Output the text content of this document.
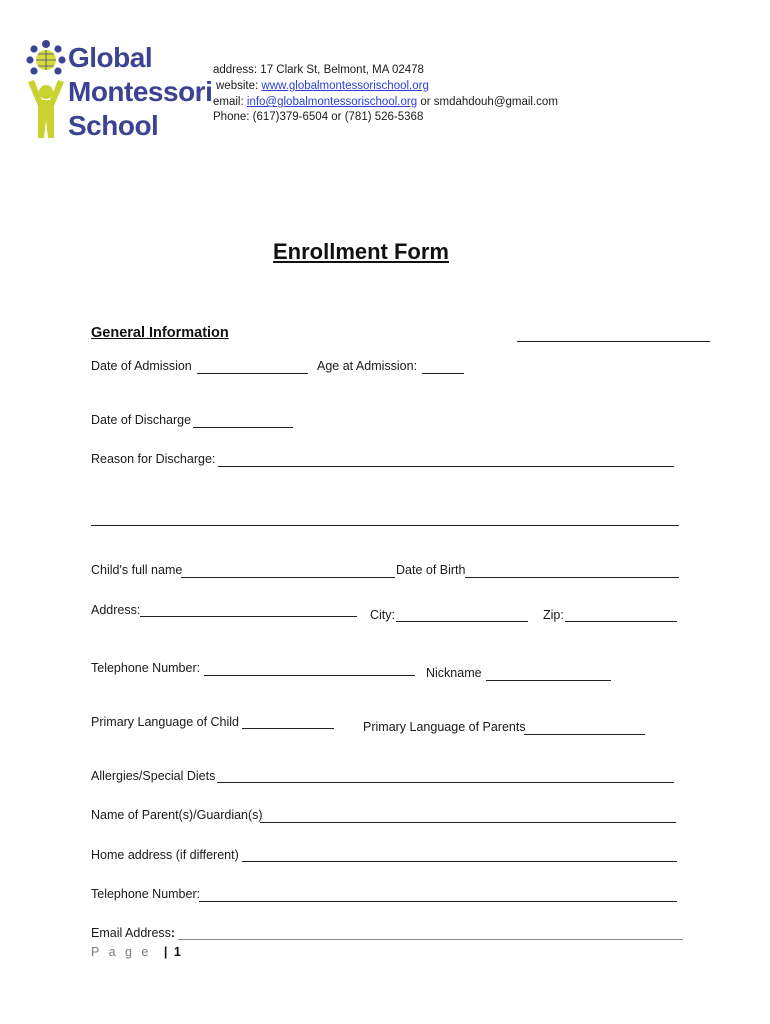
Global
Montessori
School
address: 17 Clark St, Belmont, MA 02478
website: www.globalmontessorischool.org
email: info@globalmontessorischool.org or smdahdouh@gmail.com
Phone: (617)379-6504 or (781) 526-5368
Enrollment Form
General Information
Date of Admission	Age at Admission:
Date of Discharge
Reason for Discharge:
Child's full name	Date of Birth
Address:	City:	Zip:
Telephone Number:	Nickname
Primary Language of Child	Primary Language of Parents
Allergies/Special Diets
Name of Parent(s)/Guardian(s)
Home address (if different)
Telephone Number:
Email Address:
P a g e | 1
